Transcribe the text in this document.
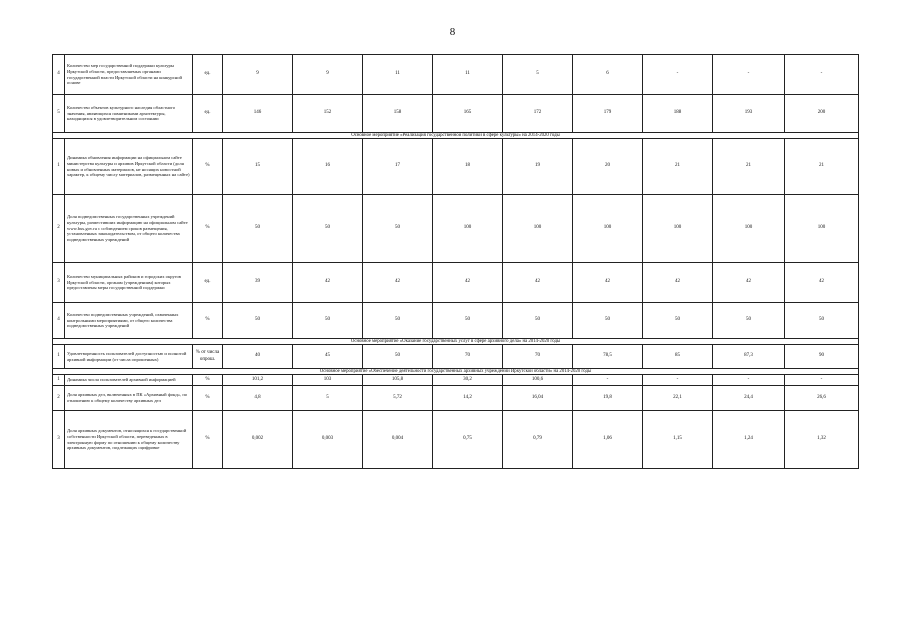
8
4	Количество мер государственной поддержки культуры Иркутской области, предоставляемых органами государственной власти Иркутской области на конкурсной основе	ед.	9	9	11	11	5	6	-	-	-
5	Количество объектов культурного наследия областного значения, являющихся памятниками архитектуры, находящихся в удовлетворительном состоянии	ед.	146	152	158	165	172	179	188	193	200
Основное мероприятие «Реализация государственной политики в сфере культуры» на 2014-2020 годы											
1	Динамика обновления информации на официальном сайте министерства культуры и архивов Иркутской области (доля новых и обновленных материалов, не носящих новостной характер, к общему числу материалов, размещенных на сайте)	%	15	16	17	18	19	20	21	21	21
2	Доля подведомственных государственных учреждений культуры, разместивших информацию на официальном сайте www.bus.gov.ru с соблюдением сроков размещения, установленных законодательством, от общего количества подведомственных учреждений	%	50	50	50	100	100	100	100	100	100
3	Количество муниципальных районов и городских округов Иркутской области, органам (учреждениям) которых предоставлены меры государственной поддержки	ед.	39	42	42	42	42	42	42	42	42
4	Количество подведомственных учреждений, охваченных контрольными мероприятиями, от общего количества подведомственных учреждений	%	50	50	50	50	50	50	50	50	50
Основное мероприятие «Оказание государственных услуг в сфере архивного дела» на 2014-2020 годы											
1	Удовлетворенность пользователей доступностью и полнотой архивной информации (от числа опрошенных)	% от числа опрош.	40	45	50	70	70	78,5	85	87,3	90
Основное мероприятие «Обеспечение деятельности государственных архивных учреждений Иркутской области» на 2014-2020 годы											
1	Динамика числа пользователей архивной информацией	%	101,2	103	105,8	30,2	100,6	-	-	-	-
2	Доля архивных дел, включенных в ПК «Архивный фонд», по отношению к общему количеству архивных дел	%	4,8	5	5,72	14,2	16,04	19,8	22,1	24,4	26,6
3	Доля архивных документов, относящихся к государственной собственности Иркутской области, переведенных в электронную форму по отношению к общему количеству архивных документов, подлежащих оцифровке	%	0,002	0,003	0,004	0,75	0,79	1,06	1,15	1,24	1,32
